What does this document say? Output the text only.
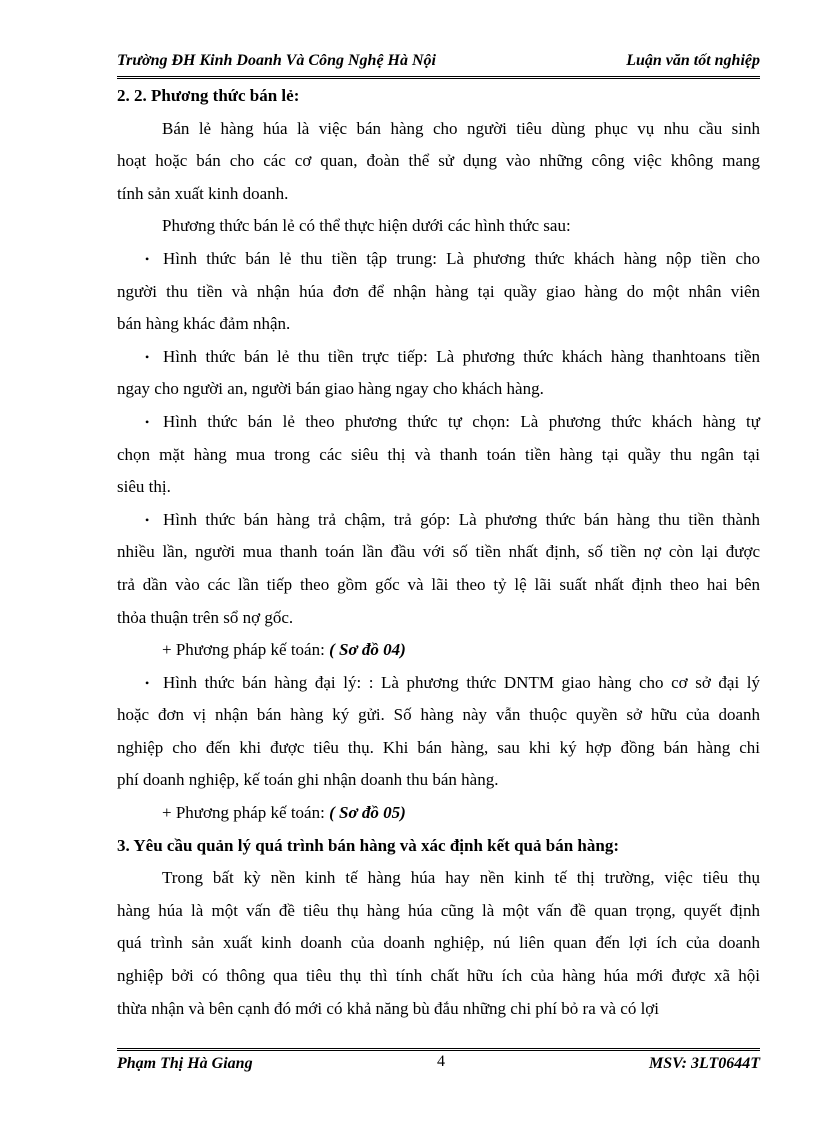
Trường ĐH Kinh Doanh Và Công Nghệ Hà Nội	Luận văn tốt nghiệp
2. 2. Phương thức bán lẻ:
Bán lẻ hàng húa là việc bán hàng cho người tiêu dùng phục vụ nhu cầu sinh
hoạt hoặc bán cho các cơ quan, đoàn thể sử dụng vào những công việc không mang
tính sản xuất kinh doanh.
Phương thức bán lẻ có thể thực hiện dưới các hình thức sau:
• Hình thức bán lẻ thu tiền tập trung: Là phương thức khách hàng nộp tiền cho
người thu tiền và nhận húa đơn để nhận hàng tại quầy giao hàng do một nhân viên
bán hàng khác đảm nhận.
• Hình thức bán lẻ thu tiền trực tiếp: Là phương thức khách hàng thanhtoans tiền
ngay cho người an, người bán giao hàng ngay cho khách hàng.
• Hình thức bán lẻ theo phương thức tự chọn: Là phương thức khách hàng tự
chọn mặt hàng mua trong các siêu thị và thanh toán tiền hàng tại quầy thu ngân tại
siêu thị.
• Hình thức bán hàng trả chậm, trả góp: Là phương thức bán hàng thu tiền thành
nhiều lần, người mua thanh toán lần đầu với số tiền nhất định, số tiền nợ còn lại được
trả dần vào các lần tiếp theo gồm gốc và lãi theo tỷ lệ lãi suất nhất định theo hai bên
thỏa thuận trên sổ nợ gốc.
+ Phương pháp kế toán: ( Sơ đồ 04)
• Hình thức bán hàng đại lý: : Là phương thức DNTM giao hàng cho cơ sở đại lý
hoặc đơn vị nhận bán hàng ký gửi. Số hàng này vẫn thuộc quyền sở hữu của doanh
nghiệp cho đến khi được tiêu thụ. Khi bán hàng, sau khi ký hợp đồng bán hàng chi
phí doanh nghiệp, kế toán ghi nhận doanh thu bán hàng.
+ Phương pháp kế toán: ( Sơ đồ 05)
3. Yêu cầu quản lý quá trình bán hàng và xác định kết quả bán hàng:
Trong bất kỳ nền kinh tế hàng húa hay nền kinh tế thị trường, việc tiêu thụ
hàng húa là một vấn đề tiêu thụ hàng húa cũng là một vấn đề quan trọng, quyết định
quá trình sản xuất kinh doanh của doanh nghiệp, nú liên quan đến lợi ích của doanh
nghiệp bởi có thông qua tiêu thụ thì tính chất hữu ích của hàng húa mới được xã hội
thừa nhận và bên cạnh đó mới có khả năng bù đắu những chi phí bỏ ra và có lợi
Phạm Thị Hà Giang	4	MSV: 3LT0644T
